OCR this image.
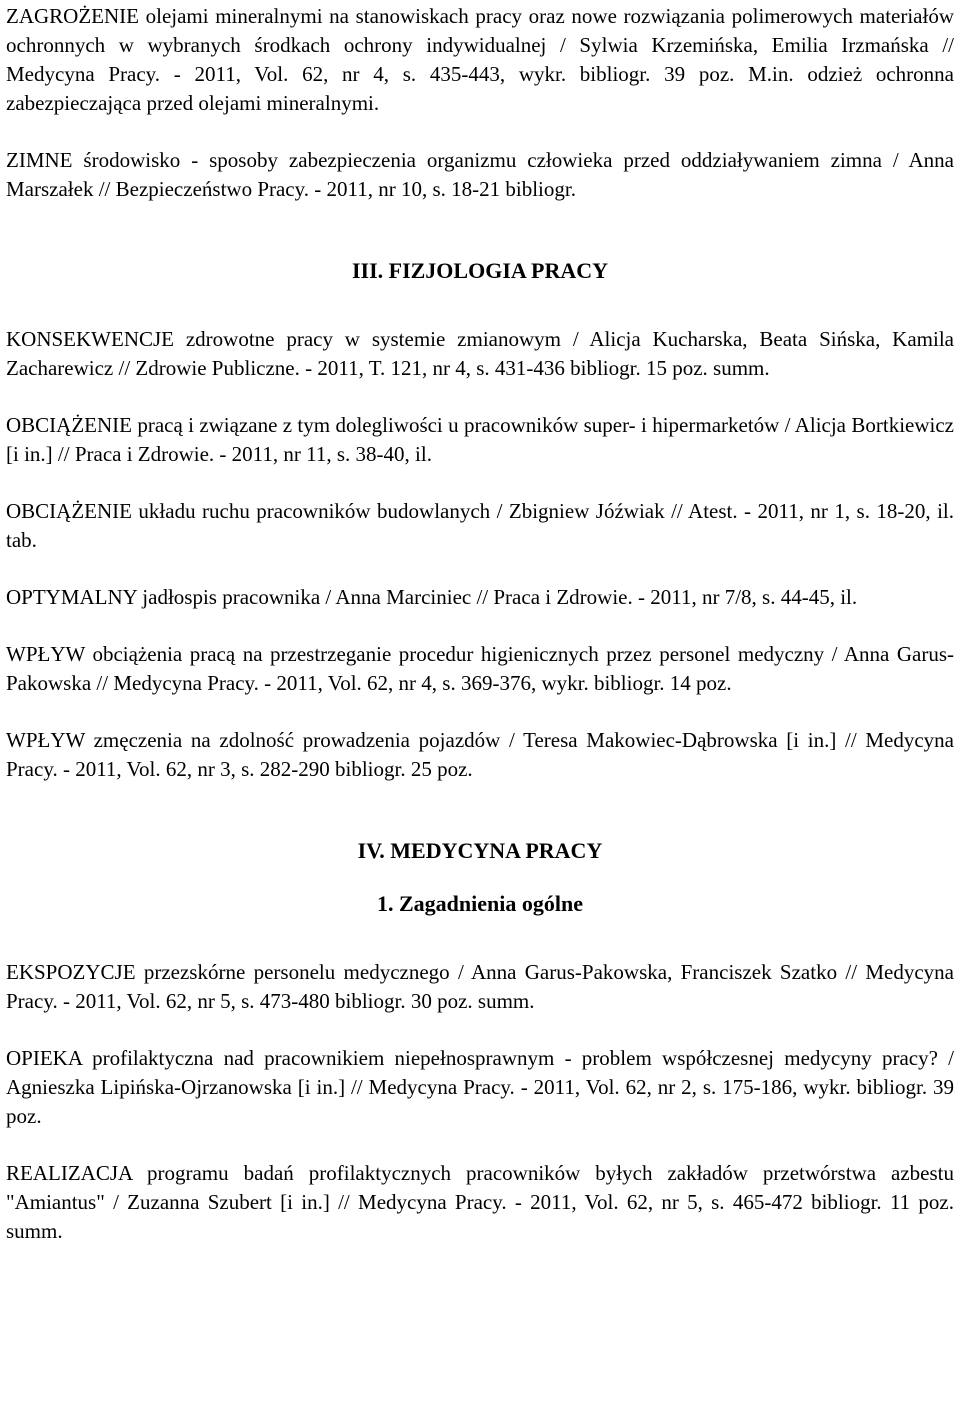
ZAGROŻENIE olejami mineralnymi na stanowiskach pracy oraz nowe rozwiązania polimerowych materiałów ochronnych w wybranych środkach ochrony indywidualnej / Sylwia Krzemińska, Emilia Irzmańska // Medycyna Pracy. - 2011, Vol. 62, nr 4, s. 435-443, wykr. bibliogr. 39 poz. M.in. odzież ochronna zabezpieczająca przed olejami mineralnymi.

ZIMNE środowisko - sposoby zabezpieczenia organizmu człowieka przed oddziaływaniem zimna / Anna Marszałek // Bezpieczeństwo Pracy. - 2011, nr 10, s. 18-21 bibliogr.

III. FIZJOLOGIA PRACY

KONSEKWENCJE zdrowotne pracy w systemie zmianowym / Alicja Kucharska, Beata Sińska, Kamila Zacharewicz // Zdrowie Publiczne. - 2011, T. 121, nr 4, s. 431-436 bibliogr. 15 poz. summ.

OBCIĄŻENIE pracą i związane z tym dolegliwości u pracowników super- i hipermarketów / Alicja Bortkiewicz [i in.] // Praca i Zdrowie. - 2011, nr 11, s. 38-40, il.

OBCIĄŻENIE układu ruchu pracowników budowlanych / Zbigniew Jóźwiak // Atest. - 2011, nr 1, s. 18-20, il. tab.

OPTYMALNY jadłospis pracownika / Anna Marciniec // Praca i Zdrowie. - 2011, nr 7/8, s. 44-45, il.

WPŁYW obciążenia pracą na przestrzeganie procedur higienicznych przez personel medyczny / Anna Garus-Pakowska // Medycyna Pracy. - 2011, Vol. 62, nr 4, s. 369-376, wykr. bibliogr. 14 poz.

WPŁYW zmęczenia na zdolność prowadzenia pojazdów / Teresa Makowiec-Dąbrowska [i in.] // Medycyna Pracy. - 2011, Vol. 62, nr 3, s. 282-290 bibliogr. 25 poz.

IV. MEDYCYNA PRACY
1. Zagadnienia ogólne

EKSPOZYCJE przezskórne personelu medycznego / Anna Garus-Pakowska, Franciszek Szatko // Medycyna Pracy. - 2011, Vol. 62, nr 5, s. 473-480 bibliogr. 30 poz. summ.

OPIEKA profilaktyczna nad pracownikiem niepełnosprawnym - problem współczesnej medycyny pracy? / Agnieszka Lipińska-Ojrzanowska [i in.] // Medycyna Pracy. - 2011, Vol. 62, nr 2, s. 175-186, wykr. bibliogr. 39 poz.

REALIZACJA programu badań profilaktycznych pracowników byłych zakładów przetwórstwa azbestu "Amiantus" / Zuzanna Szubert [i in.] // Medycyna Pracy. - 2011, Vol. 62, nr 5, s. 465-472 bibliogr. 11 poz. summ.
